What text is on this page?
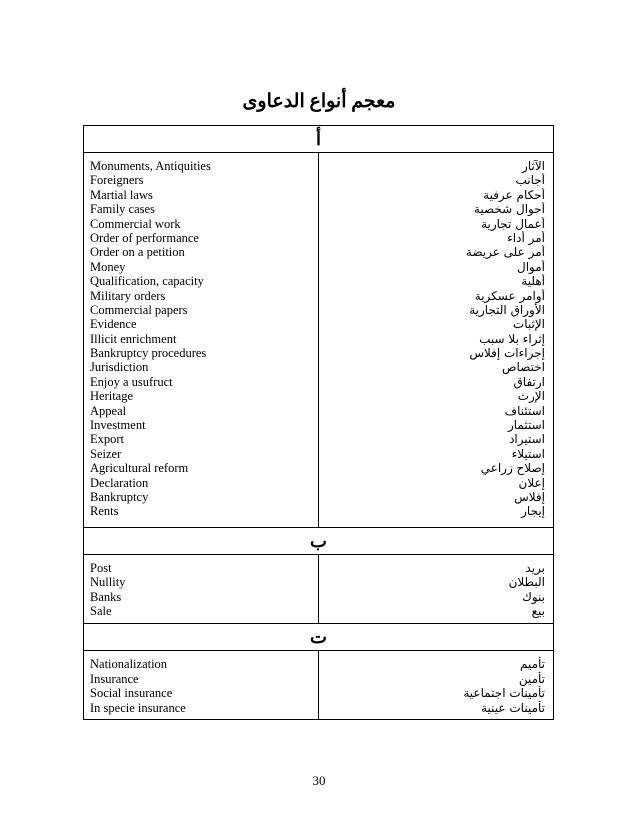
معجم أنواع الدعاوى
أ
Monuments, Antiquities
Foreigners
Martial laws
Family cases
Commercial work
Order of performance
Order on a petition
Money
Qualification, capacity
Military orders
Commercial papers
Evidence
Illicit enrichment
Bankruptcy procedures
Jurisdiction
Enjoy a usufruct
Heritage
Appeal
Investment
Export
Seizer
Agricultural reform
Declaration
Bankruptcy
Rents
الآثار
أجانب
أحكام عرفية
أحوال شخصية
أعمال تجارية
أمر أداء
أمر على عريضة
أموال
أهلية
أوامر عسكرية
الأوراق التجارية
الإثبات
إثراء بلا سبب
إجراءات إفلاس
اختصاص
ارتفاق
الإرث
استئناف
استثمار
استيراد
استيلاء
إصلاح زراعي
إعلان
إفلاس
إيجار
ب
Post
Nullity
Banks
Sale
بريد
البطلان
بنوك
بيع
ت
Nationalization
Insurance
Social insurance
In specie insurance
تأميم
تأمين
تأمينات اجتماعية
تأمينات عينية
30
